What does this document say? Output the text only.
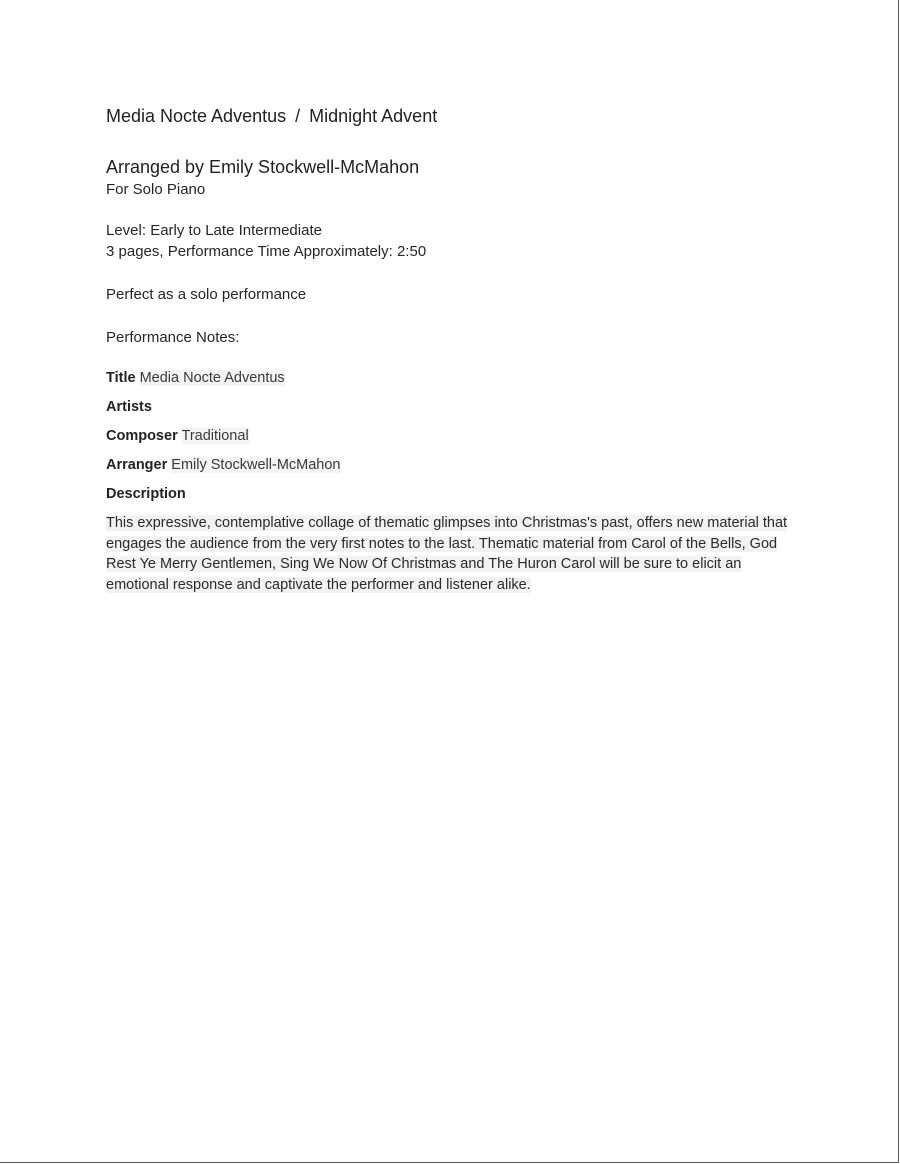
Media Nocte Adventus / Midnight Advent

Arranged by Emily Stockwell-McMahon

For Solo Piano

Level: Early to Late Intermediate

3 pages, Performance Time Approximately: 2:50

Perfect as a solo performance

Performance Notes:

Title Media Nocte Adventus

Artists

Composer Traditional

Arranger Emily Stockwell-McMahon

Description

This expressive, contemplative collage of thematic glimpses into Christmas's past, offers new material that engages the audience from the very first notes to the last. Thematic material from Carol of the Bells, God Rest Ye Merry Gentlemen, Sing We Now Of Christmas and The Huron Carol will be sure to elicit an emotional response and captivate the performer and listener alike.
